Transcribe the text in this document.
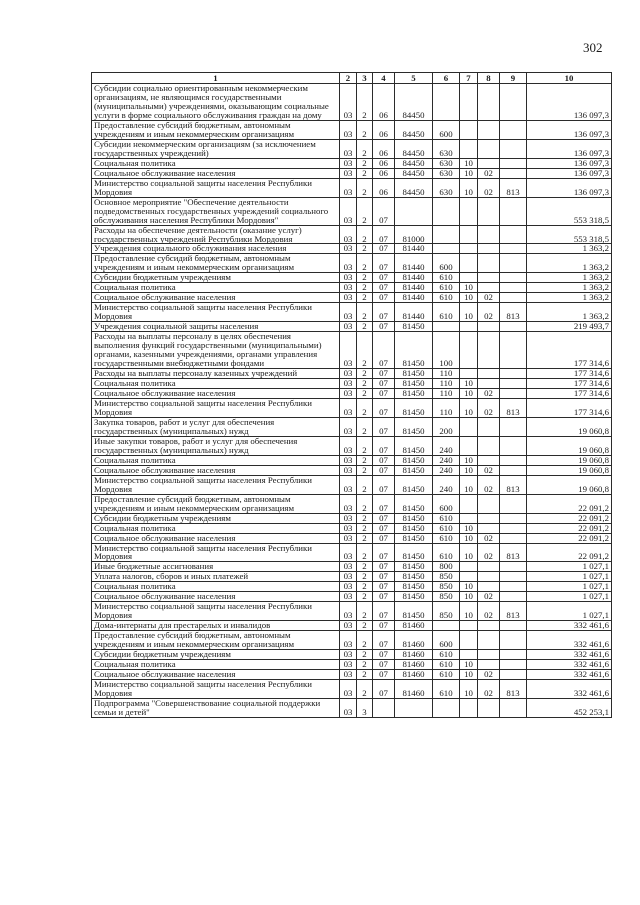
302
1	2	3	4	5	6	7	8	9	10
Субсидии социально ориентированным некоммерческим организациям, не являющимся государственными (муниципальными) учреждениями, оказывающим социальные услуги в форме социального обслуживания граждан на дому	03	2	06	84450					136 097,3
Предоставление субсидий бюджетным, автономным учреждениям и иным некоммерческим организациям	03	2	06	84450	600				136 097,3
Субсидии некоммерческим организациям (за исключением государственных учреждений)	03	2	06	84450	630				136 097,3
Социальная политика	03	2	06	84450	630	10			136 097,3
Социальное обслуживание населения	03	2	06	84450	630	10	02		136 097,3
Министерство социальной защиты населения Республики Мордовия	03	2	06	84450	630	10	02	813	136 097,3
Основное мероприятие "Обеспечение деятельности подведомственных государственных учреждений социального обслуживания населения Республики Мордовия"	03	2	07						553 318,5
Расходы на обеспечение деятельности (оказание услуг) государственных учреждений Республики Мордовия	03	2	07	81000					553 318,5
Учреждения социального обслуживания населения	03	2	07	81440					1 363,2
Предоставление субсидий бюджетным, автономным учреждениям и иным некоммерческим организациям	03	2	07	81440	600				1 363,2
Субсидии бюджетным учреждениям	03	2	07	81440	610				1 363,2
Социальная политика	03	2	07	81440	610	10			1 363,2
Социальное обслуживание населения	03	2	07	81440	610	10	02		1 363,2
Министерство социальной защиты населения Республики Мордовия	03	2	07	81440	610	10	02	813	1 363,2
Учреждения социальной защиты населения	03	2	07	81450					219 493,7
Расходы на выплаты персоналу в целях обеспечения выполнения функций государственными (муниципальными) органами, казенными учреждениями, органами управления государственными внебюджетными фондами	03	2	07	81450	100				177 314,6
Расходы на выплаты персоналу казенных учреждений	03	2	07	81450	110				177 314,6
Социальная политика	03	2	07	81450	110	10			177 314,6
Социальное обслуживание населения	03	2	07	81450	110	10	02		177 314,6
Министерство социальной защиты населения Республики Мордовия	03	2	07	81450	110	10	02	813	177 314,6
Закупка товаров, работ и услуг для обеспечения государственных (муниципальных) нужд	03	2	07	81450	200				19 060,8
Иные закупки товаров, работ и услуг для обеспечения государственных (муниципальных) нужд	03	2	07	81450	240				19 060,8
Социальная политика	03	2	07	81450	240	10			19 060,8
Социальное обслуживание населения	03	2	07	81450	240	10	02		19 060,8
Министерство социальной защиты населения Республики Мордовия	03	2	07	81450	240	10	02	813	19 060,8
Предоставление субсидий бюджетным, автономным учреждениям и иным некоммерческим организациям	03	2	07	81450	600				22 091,2
Субсидии бюджетным учреждениям	03	2	07	81450	610				22 091,2
Социальная политика	03	2	07	81450	610	10			22 091,2
Социальное обслуживание населения	03	2	07	81450	610	10	02		22 091,2
Министерство социальной защиты населения Республики Мордовия	03	2	07	81450	610	10	02	813	22 091,2
Иные бюджетные ассигнования	03	2	07	81450	800				1 027,1
Уплата налогов, сборов и иных платежей	03	2	07	81450	850				1 027,1
Социальная политика	03	2	07	81450	850	10			1 027,1
Социальное обслуживание населения	03	2	07	81450	850	10	02		1 027,1
Министерство социальной защиты населения Республики Мордовия	03	2	07	81450	850	10	02	813	1 027,1
Дома-интернаты для престарелых и инвалидов	03	2	07	81460					332 461,6
Предоставление субсидий бюджетным, автономным учреждениям и иным некоммерческим организациям	03	2	07	81460	600				332 461,6
Субсидии бюджетным учреждениям	03	2	07	81460	610				332 461,6
Социальная политика	03	2	07	81460	610	10			332 461,6
Социальное обслуживание населения	03	2	07	81460	610	10	02		332 461,6
Министерство социальной защиты населения Республики Мордовия	03	2	07	81460	610	10	02	813	332 461,6
Подпрограмма "Совершенствование социальной поддержки семьи и детей"	03	3							452 253,1
